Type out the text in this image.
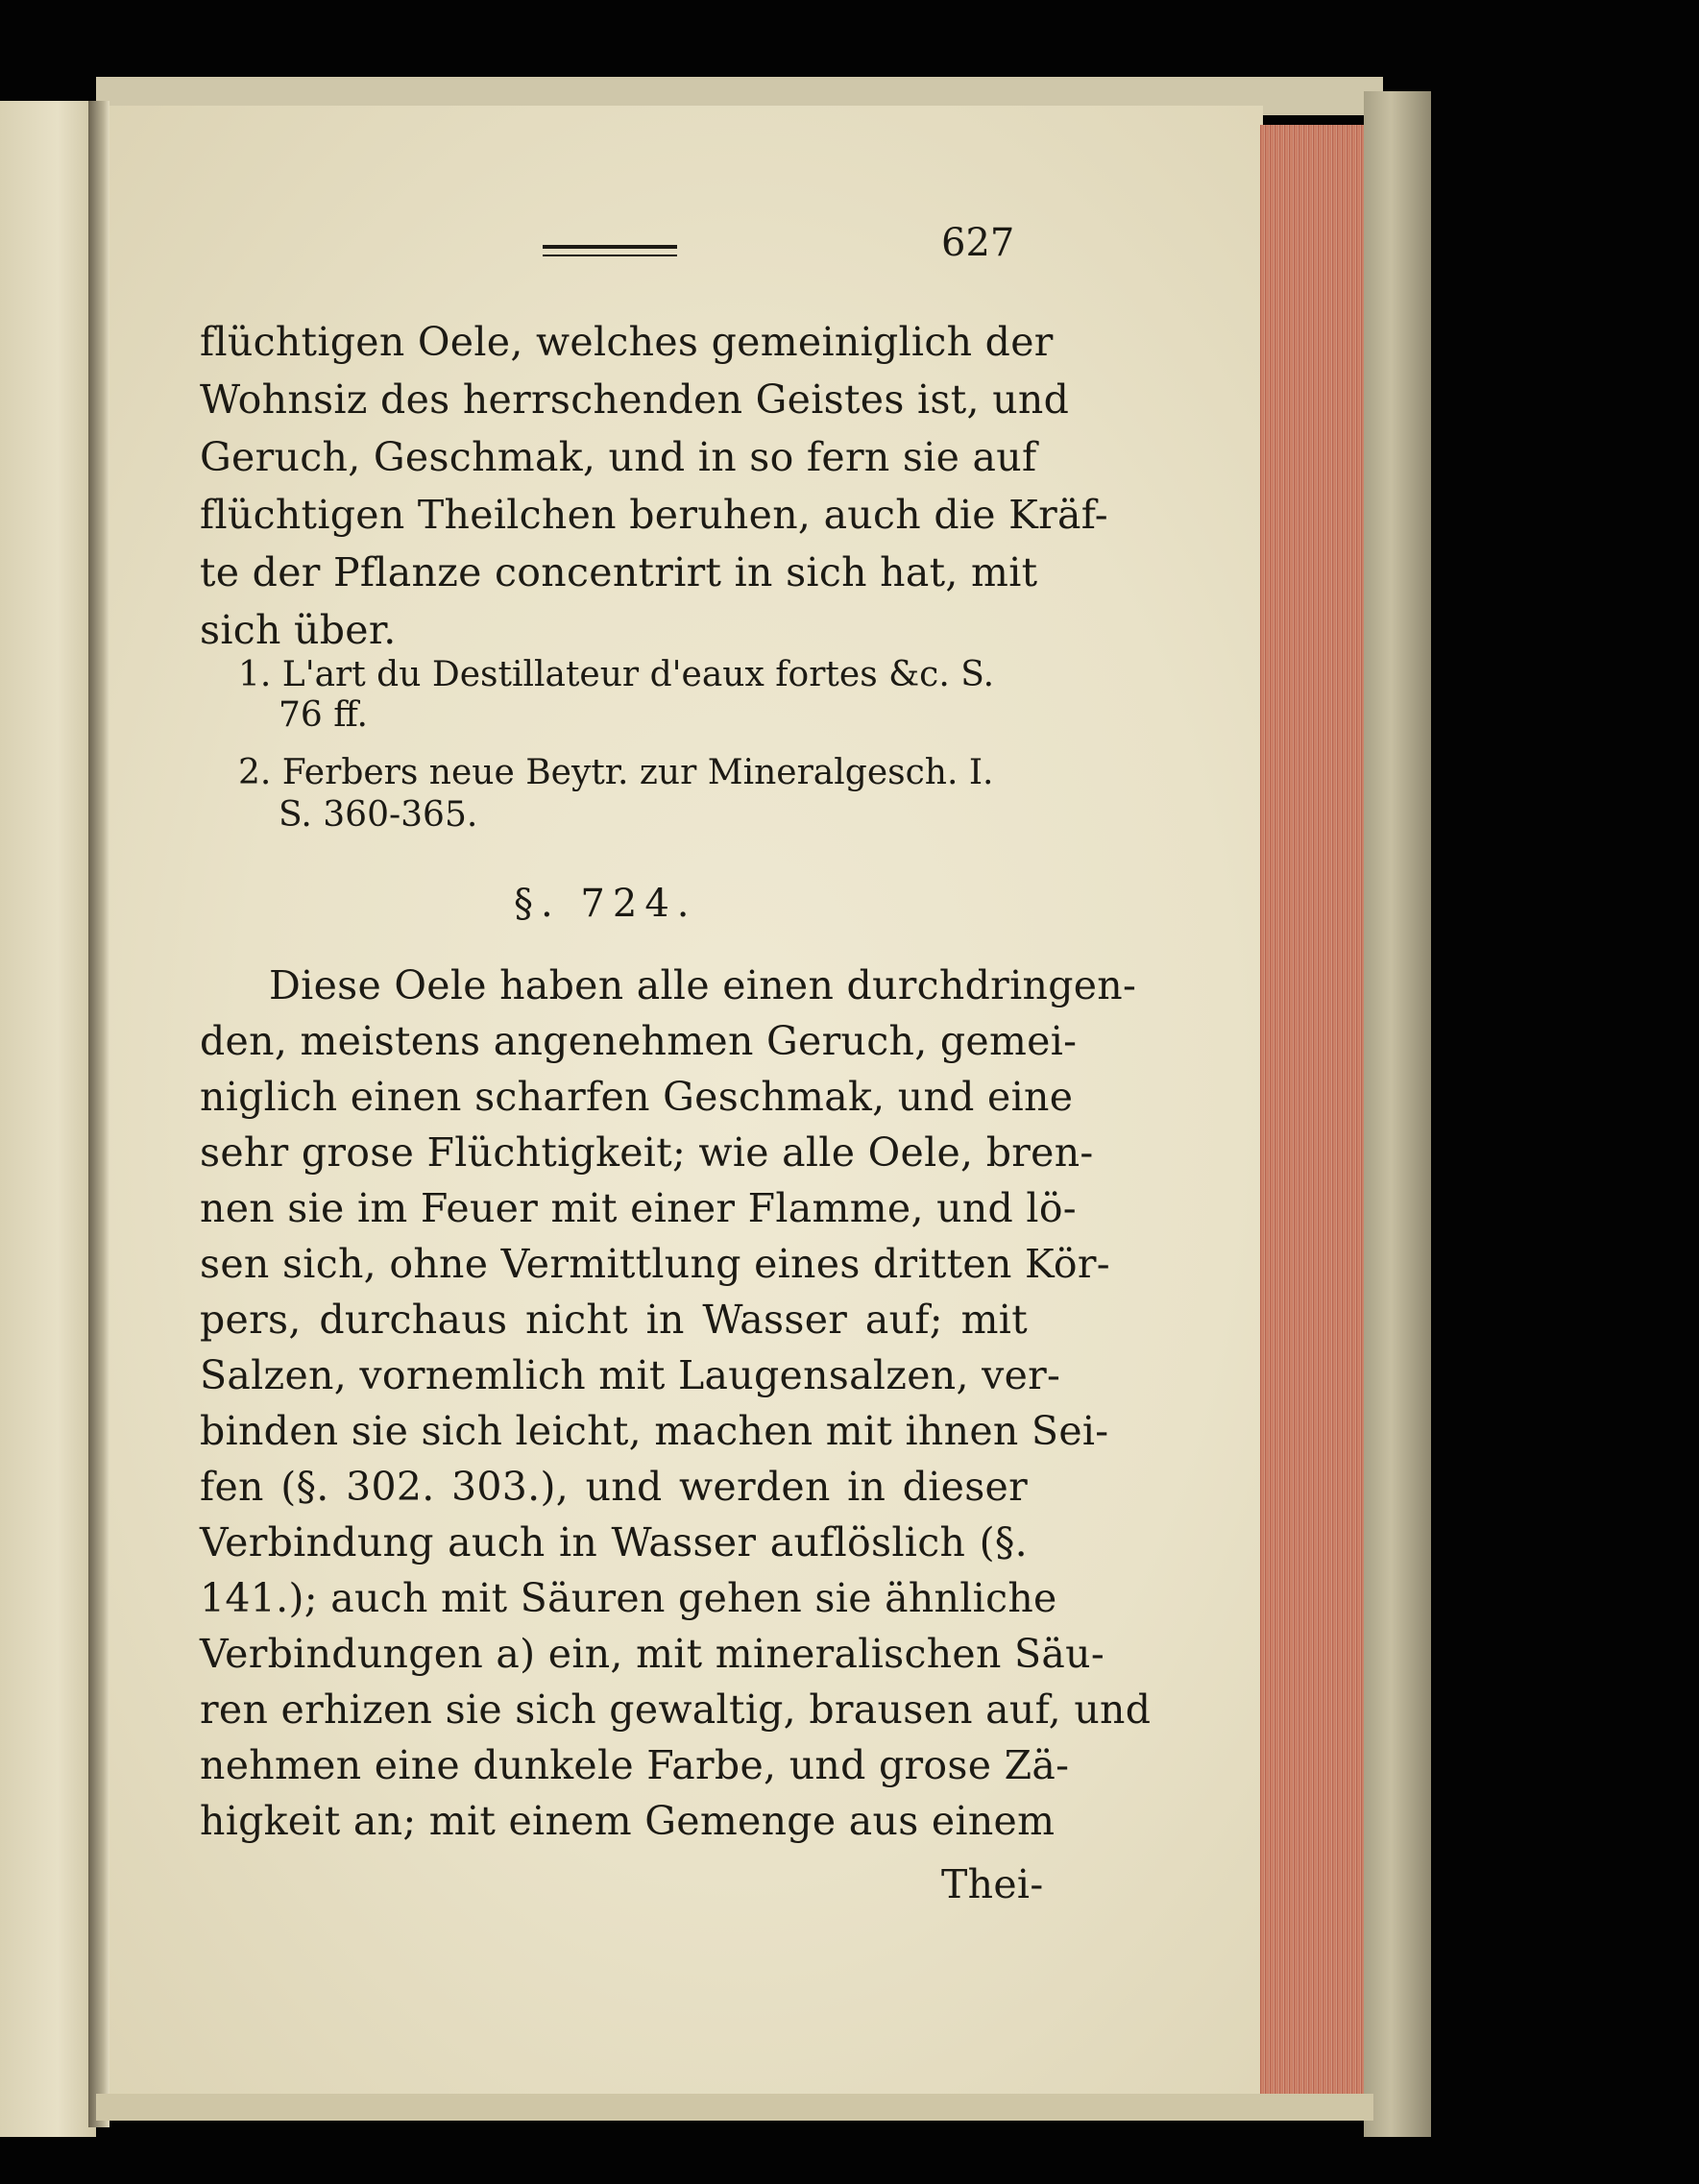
627
flüchtigen Oele, welches gemeiniglich der
Wohnsiz des herrschenden Geistes ist, und
Geruch, Geschmak, und in so fern sie auf
flüchtigen Theilchen beruhen, auch die Kräf-
te der Pflanze concentrirt in sich hat, mit
sich über.
1. L'art du Destillateur d'eaux fortes &c. S.
76 ff.
2. Ferbers neue Beytr. zur Mineralgesch. I.
S. 360-365.
§. 724.
Diese Oele haben alle einen durchdringen-
den, meistens angenehmen Geruch, gemei-
niglich einen scharfen Geschmak, und eine
sehr grose Flüchtigkeit; wie alle Oele, bren-
nen sie im Feuer mit einer Flamme, und lö-
sen sich, ohne Vermittlung eines dritten Kör-
pers, durchaus nicht in Wasser auf; mit
Salzen, vornemlich mit Laugensalzen, ver-
binden sie sich leicht, machen mit ihnen Sei-
fen (§. 302. 303.), und werden in dieser
Verbindung auch in Wasser auflöslich (§.
141.); auch mit Säuren gehen sie ähnliche
Verbindungen a) ein, mit mineralischen Säu-
ren erhizen sie sich gewaltig, brausen auf, und
nehmen eine dunkele Farbe, und grose Zä-
higkeit an; mit einem Gemenge aus einem
Thei-
